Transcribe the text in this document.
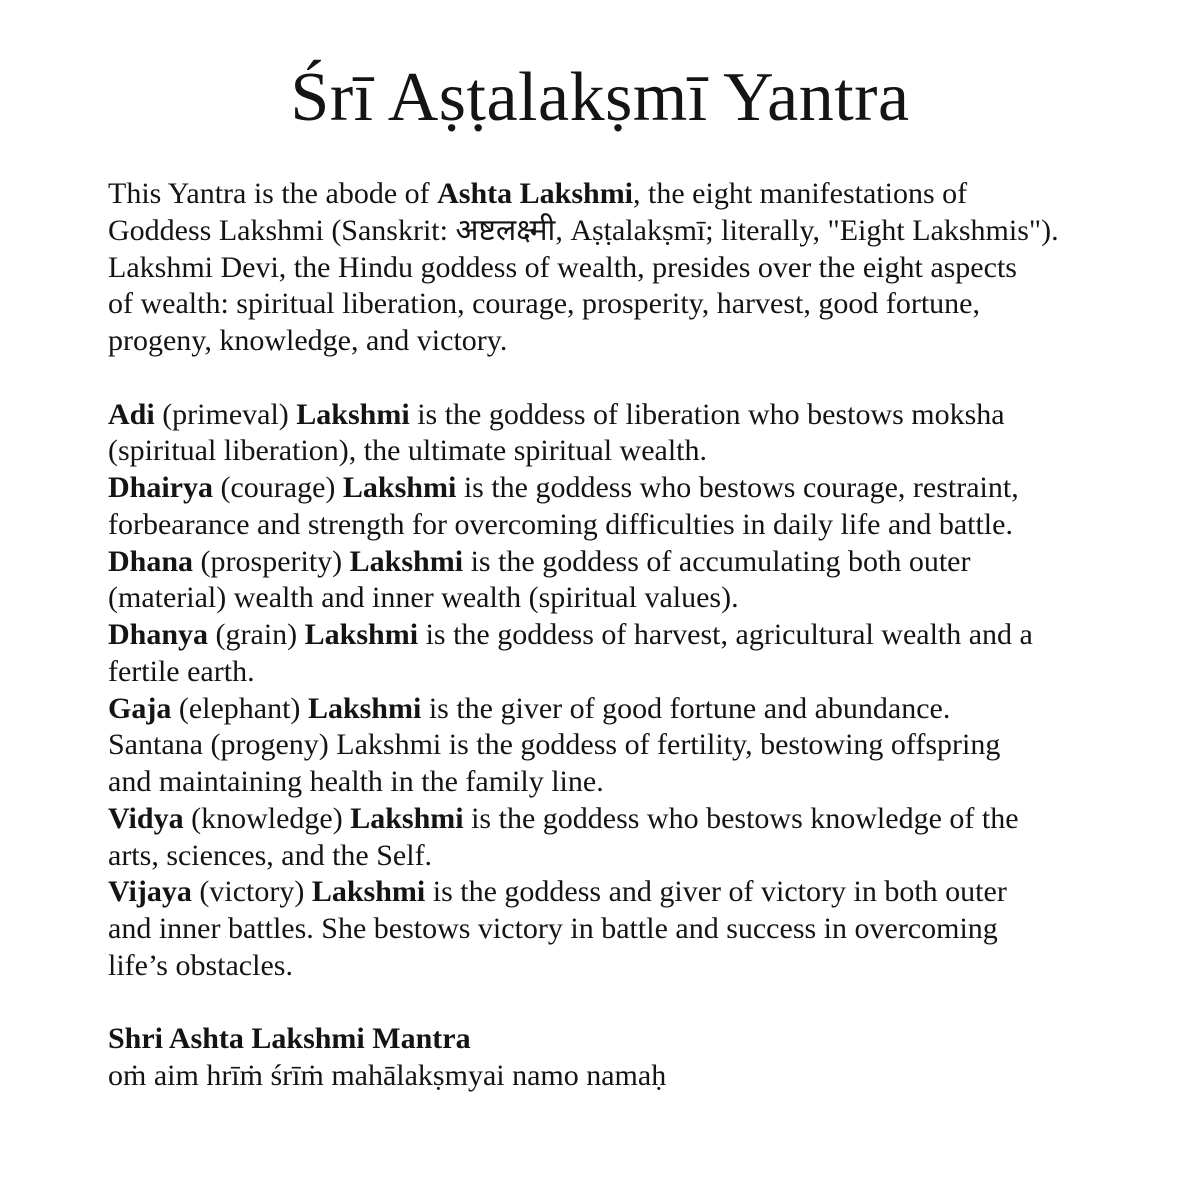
Śrī Aṣṭalakṣmī Yantra
This Yantra is the abode of Ashta Lakshmi, the eight manifestations of
Goddess Lakshmi (Sanskrit: अष्टलक्ष्मी, Aṣṭalakṣmī; literally, "Eight Lakshmis").
Lakshmi Devi, the Hindu goddess of wealth, presides over the eight aspects
of wealth: spiritual liberation, courage, prosperity, harvest, good fortune,
progeny, knowledge, and victory.
Adi (primeval) Lakshmi is the goddess of liberation who bestows moksha
(spiritual liberation), the ultimate spiritual wealth.
Dhairya (courage) Lakshmi is the goddess who bestows courage, restraint,
forbearance and strength for overcoming difficulties in daily life and battle.
Dhana (prosperity) Lakshmi is the goddess of accumulating both outer
(material) wealth and inner wealth (spiritual values).
Dhanya (grain) Lakshmi is the goddess of harvest, agricultural wealth and a
fertile earth.
Gaja (elephant) Lakshmi is the giver of good fortune and abundance.
Santana (progeny) Lakshmi is the goddess of fertility, bestowing offspring
and maintaining health in the family line.
Vidya (knowledge) Lakshmi is the goddess who bestows knowledge of the
arts, sciences, and the Self.
Vijaya (victory) Lakshmi is the goddess and giver of victory in both outer
and inner battles. She bestows victory in battle and success in overcoming
life’s obstacles.
Shri Ashta Lakshmi Mantra
oṁ aim hrīṁ śrīṁ mahālakṣmyai namo namaḥ
